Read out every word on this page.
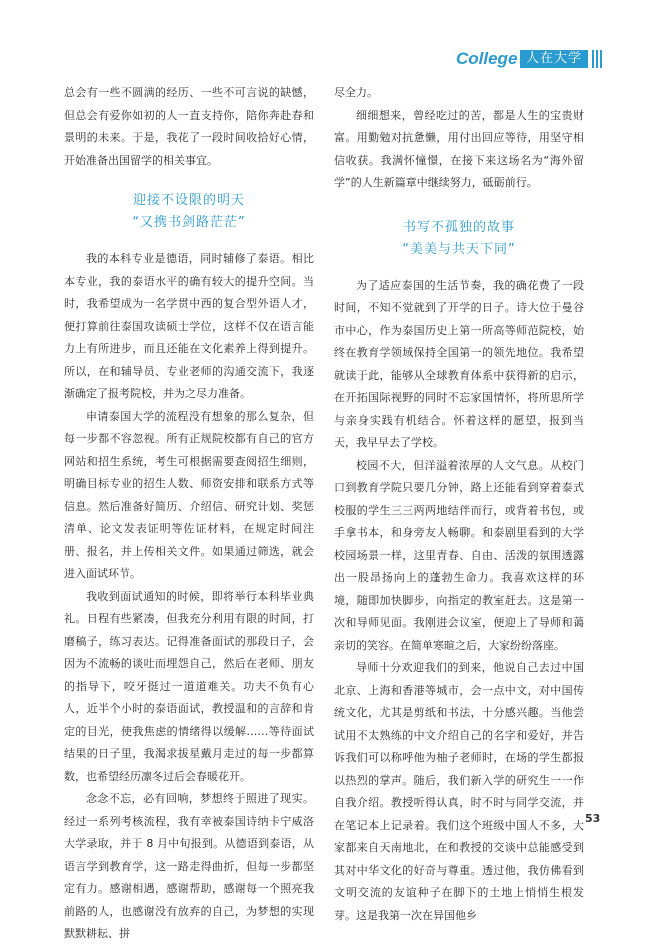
College 人在大学

总会有一些不圆满的经历、一些不可言说的缺憾，但总会有爱你如初的人一直支持你，陪你奔赴春和景明的未来。于是，我花了一段时间收拾好心情，开始准备出国留学的相关事宜。

迎接不设限的明天
“又携书剑路茫茫”

我的本科专业是德语，同时辅修了泰语。相比本专业，我的泰语水平的确有较大的提升空间。当时，我希望成为一名学贯中西的复合型外语人才，便打算前往泰国攻读硕士学位，这样不仅在语言能力上有所进步，而且还能在文化素养上得到提升。所以，在和辅导员、专业老师的沟通交流下，我逐渐确定了报考院校，并为之尽力准备。

申请泰国大学的流程没有想象的那么复杂，但每一步都不容忽视。所有正规院校都有自己的官方网站和招生系统，考生可根据需要查阅招生细则，明确目标专业的招生人数、师资安排和联系方式等信息。然后准备好简历、介绍信、研究计划、奖惩清单、论文发表证明等佐证材料，在规定时间注册、报名，并上传相关文件。如果通过筛选，就会进入面试环节。

我收到面试通知的时候，即将举行本科毕业典礼。日程有些紧凑，但我充分利用有限的时间，打磨稿子，练习表达。记得准备面试的那段日子，会因为不流畅的谈吐而埋怨自己，然后在老师、朋友的指导下，咬牙挺过一道道难关。功夫不负有心人，近半个小时的泰语面试，教授温和的言辞和肯定的目光，使我焦虑的情绪得以缓解……等待面试结果的日子里，我渴求拔星戴月走过的每一步都算数，也希望经历凛冬过后会春暖花开。

念念不忘，必有回响，梦想终于照进了现实。经过一系列考核流程，我有幸被泰国诗纳卡宁威洛大学录取，并于 8 月中旬报到。从德语到泰语，从语言学到教育学，这一路走得曲折，但每一步都坚定有力。感谢相遇，感谢帮助，感谢每一个照亮我前路的人，也感谢没有放弃的自己，为梦想的实现默默耕耘、拼

尽全力。

细细想来，曾经吃过的苦，都是人生的宝贵财富。用勤勉对抗惫懒，用付出回应等待，用坚守相信收获。我满怀憧憬，在接下来这场名为“海外留学”的人生新篇章中继续努力，砥砺前行。

书写不孤独的故事
“美美与共天下同”

为了适应泰国的生活节奏，我的确花费了一段时间，不知不觉就到了开学的日子。诗大位于曼谷市中心，作为泰国历史上第一所高等师范院校，始终在教育学领域保持全国第一的领先地位。我希望就读于此，能够从全球教育体系中获得新的启示，在开拓国际视野的同时不忘家国情怀，将所思所学与亲身实践有机结合。怀着这样的愿望，报到当天，我早早去了学校。

校园不大，但洋溢着浓厚的人文气息。从校门口到教育学院只要几分钟，路上还能看到穿着泰式校服的学生三三两两地结伴而行，或背着书包，或手拿书本，和身旁友人畅聊。和泰剧里看到的大学校园场景一样，这里青春、自由、活泼的氛围透露出一股昂扬向上的蓬勃生命力。我喜欢这样的环境，随即加快脚步，向指定的教室赶去。这是第一次和导师见面。我刚进会议室，便迎上了导师和蔼亲切的笑容。在简单寒暄之后，大家纷纷落座。

导师十分欢迎我们的到来，他说自己去过中国北京、上海和香港等城市，会一点中文，对中国传统文化，尤其是剪纸和书法，十分感兴趣。当他尝试用不太熟练的中文介绍自己的名字和爱好，并告诉我们可以称呼他为柚子老师时，在场的学生都报以热烈的掌声。随后，我们新入学的研究生一一作自我介绍。教授听得认真，时不时与同学交流，并在笔记本上记录着。我们这个班级中国人不多，大家都来自天南地北，在和教授的交谈中总能感受到其对中华文化的好奇与尊重。透过他，我仿佛看到文明交流的友谊种子在脚下的土地上悄悄生根发芽。这是我第一次在异国他乡

53
